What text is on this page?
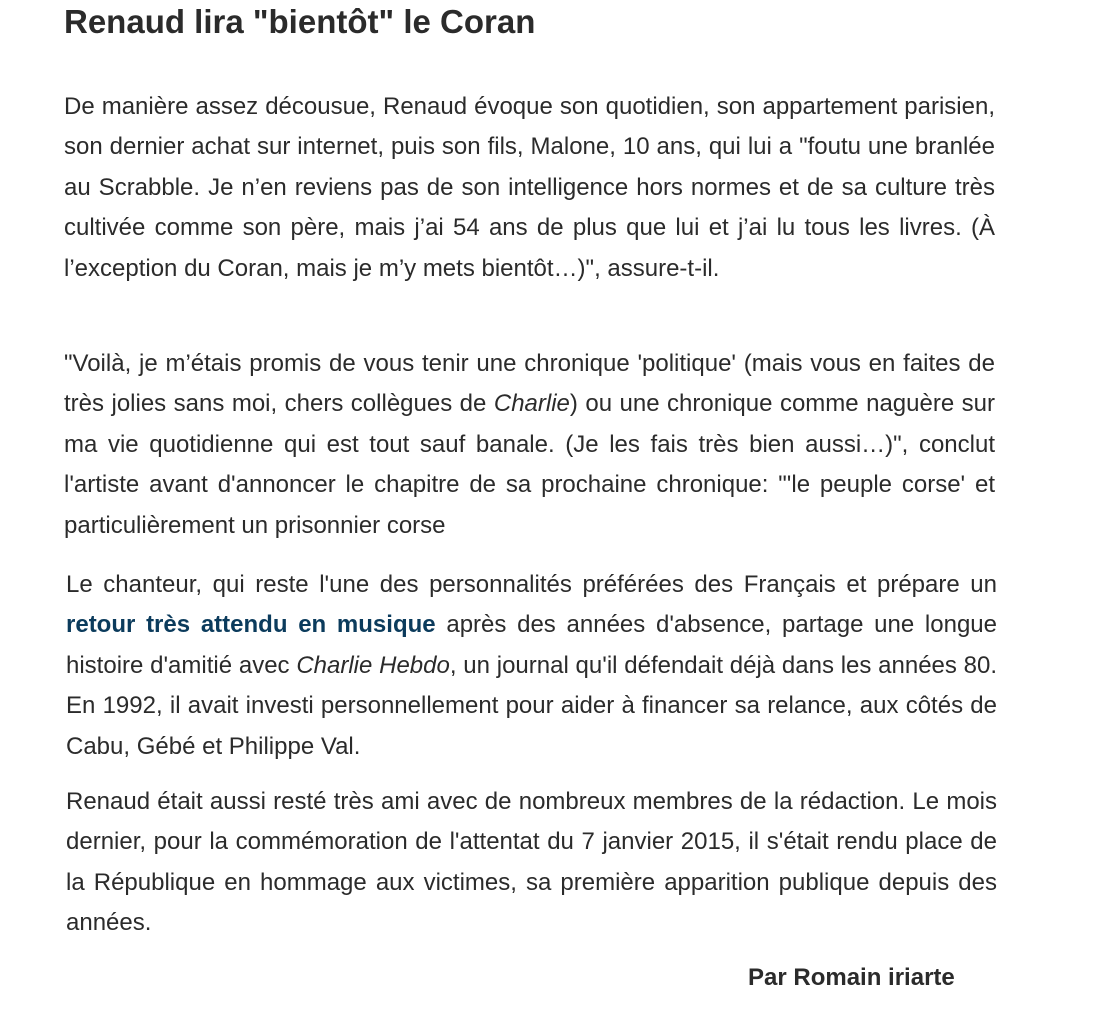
Renaud lira "bientôt" le Coran

De manière assez décousue, Renaud évoque son quotidien, son appartement parisien, son dernier achat sur internet, puis son fils, Malone, 10 ans, qui lui a "foutu une branlée au Scrabble. Je n’en reviens pas de son intelligence hors normes et de sa culture très cultivée comme son père, mais j’ai 54 ans de plus que lui et j’ai lu tous les livres. (À l’exception du Coran, mais je m’y mets bientôt…)", assure-t-il.

"Voilà, je m’étais promis de vous tenir une chronique 'politique' (mais vous en faites de très jolies sans moi, chers collègues de Charlie) ou une chronique comme naguère sur ma vie quotidienne qui est tout sauf banale. (Je les fais très bien aussi…)", conclut l'artiste avant d'annoncer le chapitre de sa prochaine chronique: "'le peuple corse' et particulièrement un prisonnier corse

Le chanteur, qui reste l'une des personnalités préférées des Français et prépare un retour très attendu en musique après des années d'absence, partage une longue histoire d'amitié avec Charlie Hebdo, un journal qu'il défendait déjà dans les années 80. En 1992, il avait investi personnellement pour aider à financer sa relance, aux côtés de Cabu, Gébé et Philippe Val.

Renaud était aussi resté très ami avec de nombreux membres de la rédaction. Le mois dernier, pour la commémoration de l'attentat du 7 janvier 2015, il s'était rendu place de la République en hommage aux victimes, sa première apparition publique depuis des années.

Par Romain iriarte
